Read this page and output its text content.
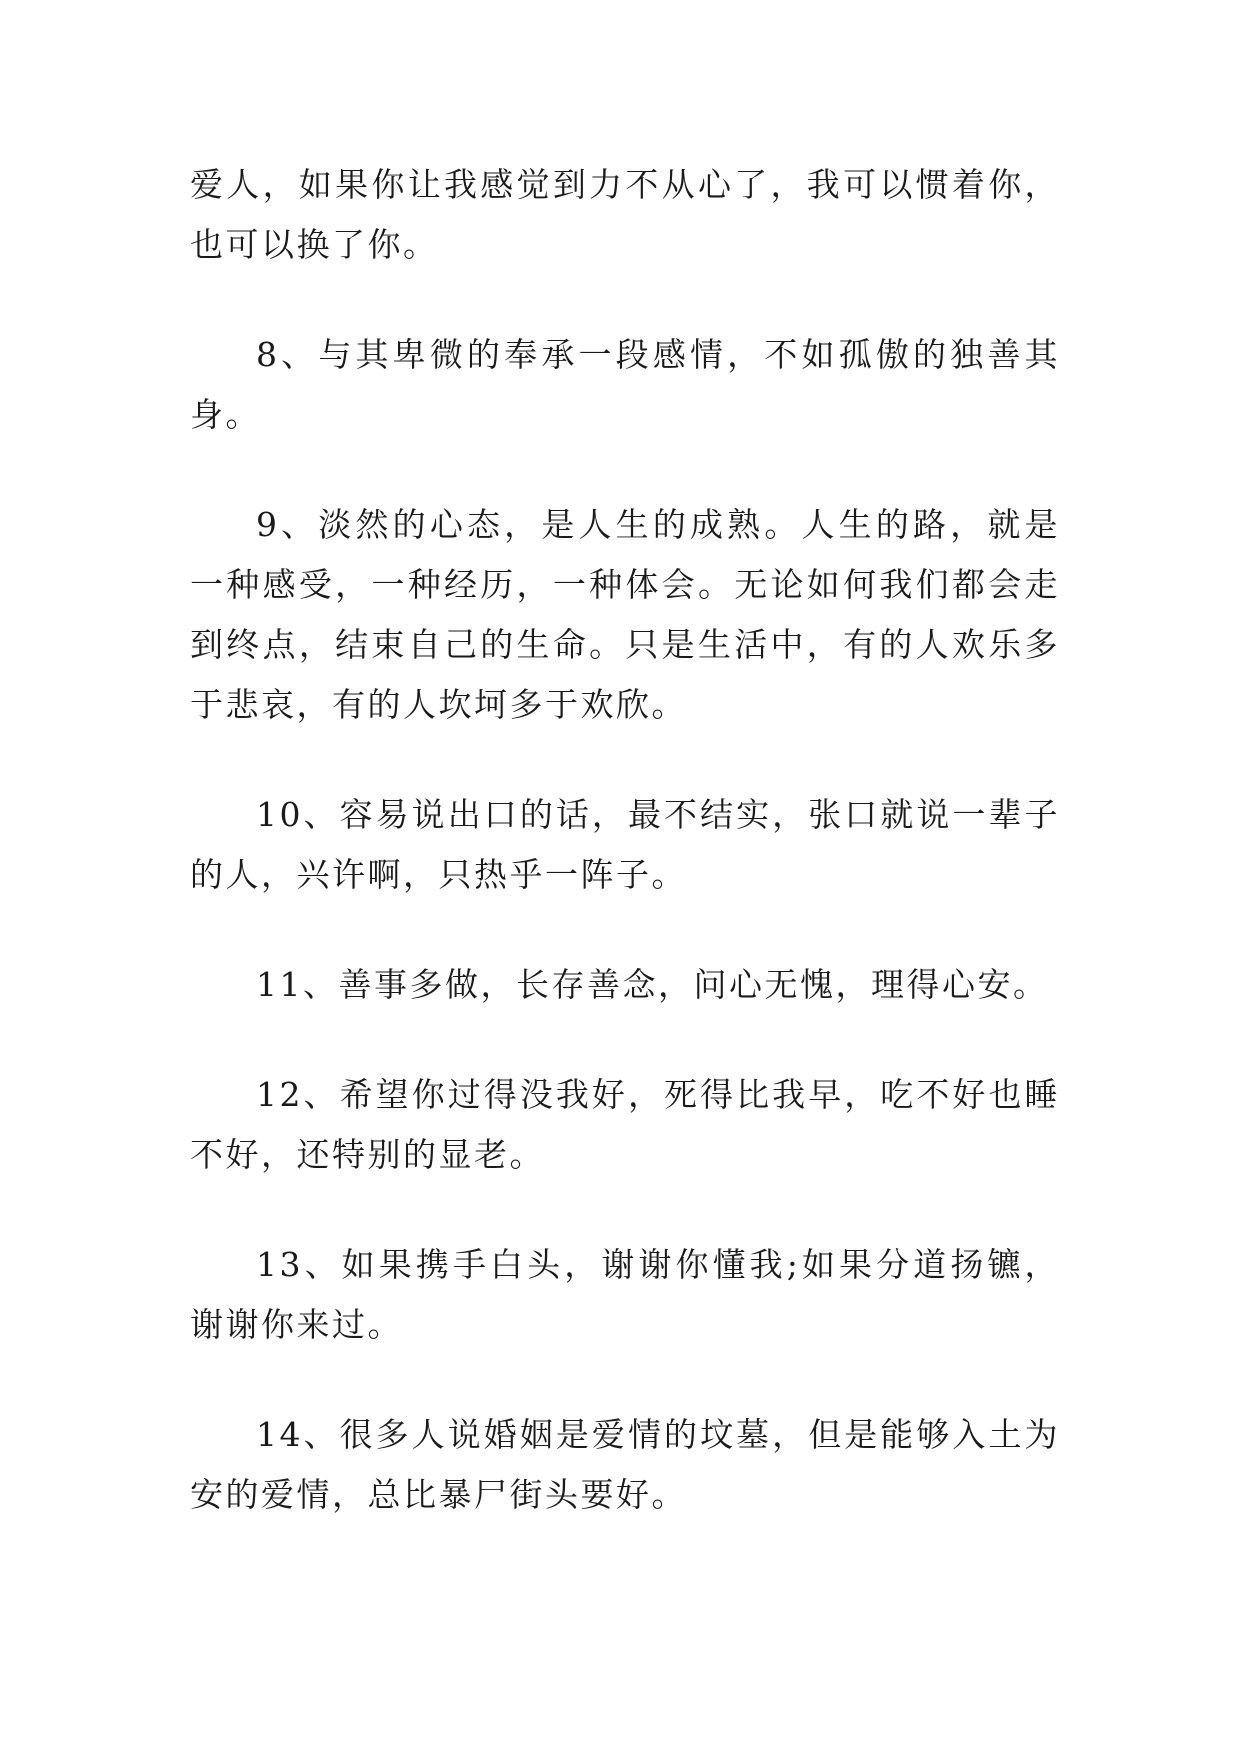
爱人，如果你让我感觉到力不从心了，我可以惯着你，也可以换了你。

8、与其卑微的奉承一段感情，不如孤傲的独善其身。

9、淡然的心态，是人生的成熟。人生的路，就是一种感受，一种经历，一种体会。无论如何我们都会走到终点，结束自己的生命。只是生活中，有的人欢乐多于悲哀，有的人坎坷多于欢欣。

10、容易说出口的话，最不结实，张口就说一辈子的人，兴许啊，只热乎一阵子。

11、善事多做，长存善念，问心无愧，理得心安。

12、希望你过得没我好，死得比我早，吃不好也睡不好，还特别的显老。

13、如果携手白头，谢谢你懂我;如果分道扬镳，谢谢你来过。

14、很多人说婚姻是爱情的坟墓，但是能够入土为安的爱情，总比暴尸街头要好。
